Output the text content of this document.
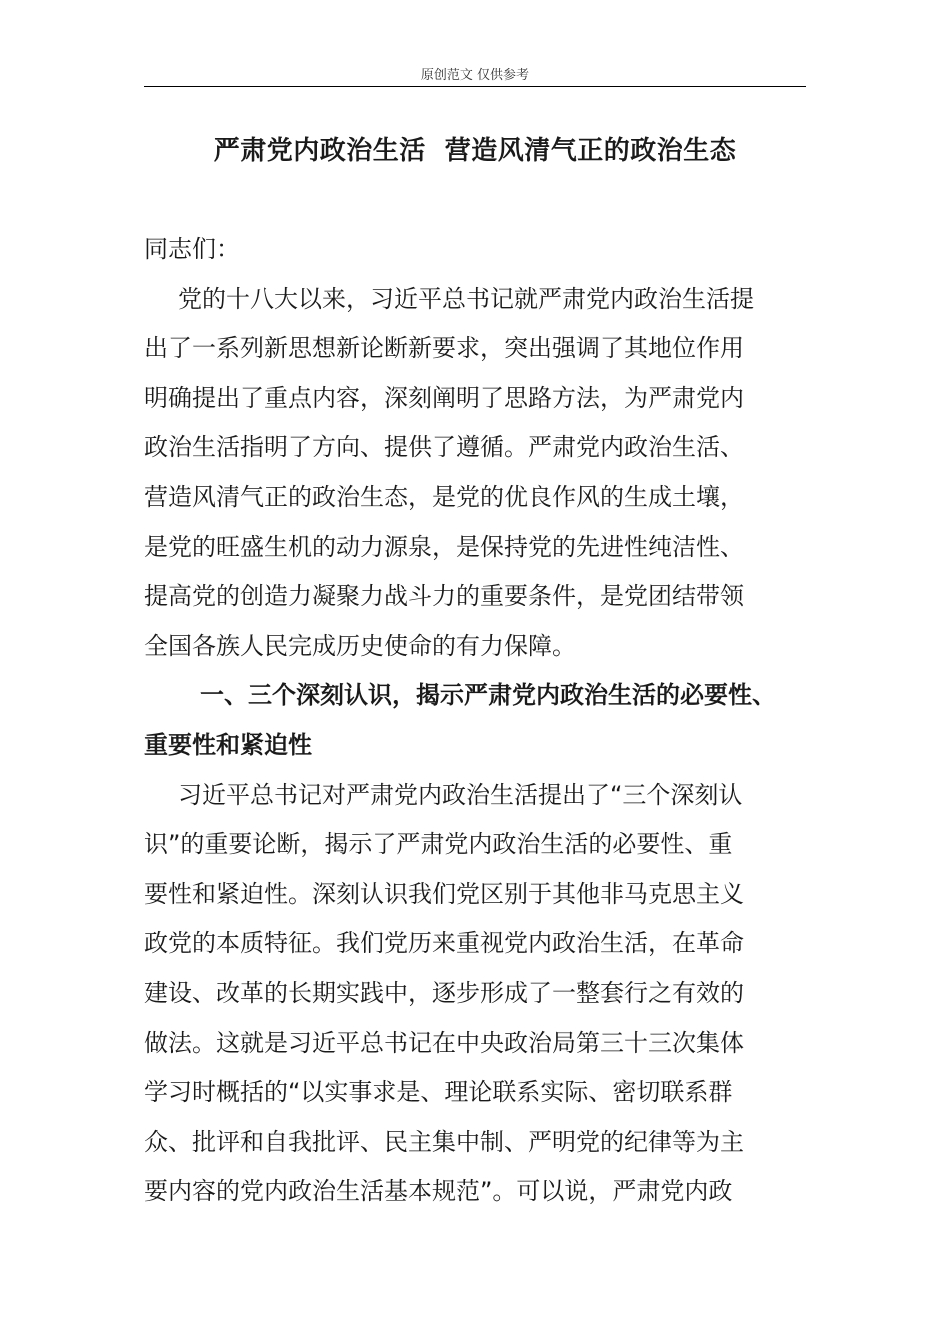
原创范文 仅供参考
严肃党内政治生活  营造风清气正的政治生态

同志们：

党的十八大以来，习近平总书记就严肃党内政治生活提
出了一系列新思想新论断新要求，突出强调了其地位作用
明确提出了重点内容，深刻阐明了思路方法，为严肃党内
政治生活指明了方向、提供了遵循。严肃党内政治生活、
营造风清气正的政治生态，是党的优良作风的生成土壤，
是党的旺盛生机的动力源泉，是保持党的先进性纯洁性、
提高党的创造力凝聚力战斗力的重要条件，是党团结带领
全国各族人民完成历史使命的有力保障。

一、三个深刻认识，揭示严肃党内政治生活的必要性、
重要性和紧迫性

习近平总书记对严肃党内政治生活提出了“三个深刻认
识”的重要论断，揭示了严肃党内政治生活的必要性、重
要性和紧迫性。深刻认识我们党区别于其他非马克思主义
政党的本质特征。我们党历来重视党内政治生活，在革命
建设、改革的长期实践中，逐步形成了一整套行之有效的
做法。这就是习近平总书记在中央政治局第三十三次集体
学习时概括的“以实事求是、理论联系实际、密切联系群
众、批评和自我批评、民主集中制、严明党的纪律等为主
要内容的党内政治生活基本规范”。可以说，严肃党内政
